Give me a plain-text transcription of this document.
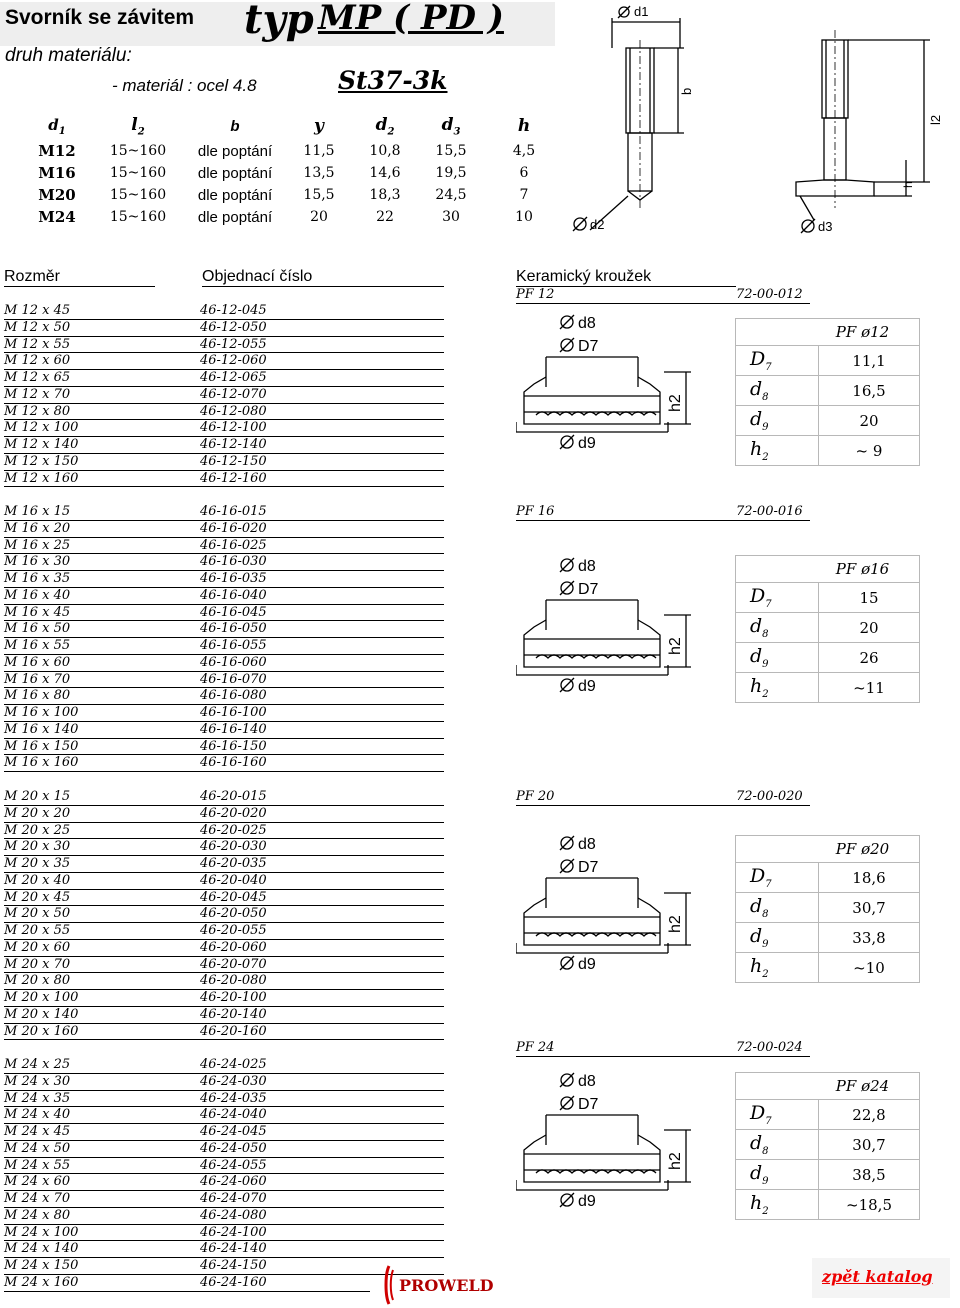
Svorník se závitem typ MP ( PD )
druh materiálu:
- materiál : ocel 4.8	St37-3k
$d_1$	$l_2$	b	y	$d_2$	$d_3$	h
M12	15~160	dle poptání	11,5	10,8	15,5	4,5
M16	15~160	dle poptání	13,5	14,6	19,5	6
M20	15~160	dle poptání	15,5	18,3	24,5	7
M24	15~160	dle poptání	20	22	30	10
d1
b
d2
l2
h
d3
Rozměr	Objednací číslo	Keramický kroužek
M 12 x 45	46-12-045
M 12 x 50	46-12-050
M 12 x 55	46-12-055
M 12 x 60	46-12-060
M 12 x 65	46-12-065
M 12 x 70	46-12-070
M 12 x 80	46-12-080
M 12 x 100	46-12-100
M 12 x 140	46-12-140
M 12 x 150	46-12-150
M 12 x 160	46-12-160
M 16 x 15	46-16-015
M 16 x 20	46-16-020
M 16 x 25	46-16-025
M 16 x 30	46-16-030
M 16 x 35	46-16-035
M 16 x 40	46-16-040
M 16 x 45	46-16-045
M 16 x 50	46-16-050
M 16 x 55	46-16-055
M 16 x 60	46-16-060
M 16 x 70	46-16-070
M 16 x 80	46-16-080
M 16 x 100	46-16-100
M 16 x 140	46-16-140
M 16 x 150	46-16-150
M 16 x 160	46-16-160
M 20 x 15	46-20-015
M 20 x 20	46-20-020
M 20 x 25	46-20-025
M 20 x 30	46-20-030
M 20 x 35	46-20-035
M 20 x 40	46-20-040
M 20 x 45	46-20-045
M 20 x 50	46-20-050
M 20 x 55	46-20-055
M 20 x 60	46-20-060
M 20 x 70	46-20-070
M 20 x 80	46-20-080
M 20 x 100	46-20-100
M 20 x 140	46-20-140
M 20 x 160	46-20-160
M 24 x 25	46-24-025
M 24 x 30	46-24-030
M 24 x 35	46-24-035
M 24 x 40	46-24-040
M 24 x 45	46-24-045
M 24 x 50	46-24-050
M 24 x 55	46-24-055
M 24 x 60	46-24-060
M 24 x 70	46-24-070
M 24 x 80	46-24-080
M 24 x 100	46-24-100
M 24 x 140	46-24-140
M 24 x 150	46-24-150
M 24 x 160	46-24-160
PF 12	72-00-012
d8
D7
d9
h2
PF ø12	
$D_7$	11,1
$d_8$	16,5
$d_9$	20
$h_2$	~ 9
PF 16	72-00-016
d8
D7
d9
h2
PF ø16	
$D_7$	15
$d_8$	20
$d_9$	26
$h_2$	~11
PF 20	72-00-020
d8
D7
d9
h2
PF ø20	
$D_7$	18,6
$d_8$	30,7
$d_9$	33,8
$h_2$	~10
PF 24	72-00-024
d8
D7
d9
h2
PF ø24	
$D_7$	22,8
$d_8$	30,7
$d_9$	38,5
$h_2$	~18,5
PROWELD	zpět katalog
